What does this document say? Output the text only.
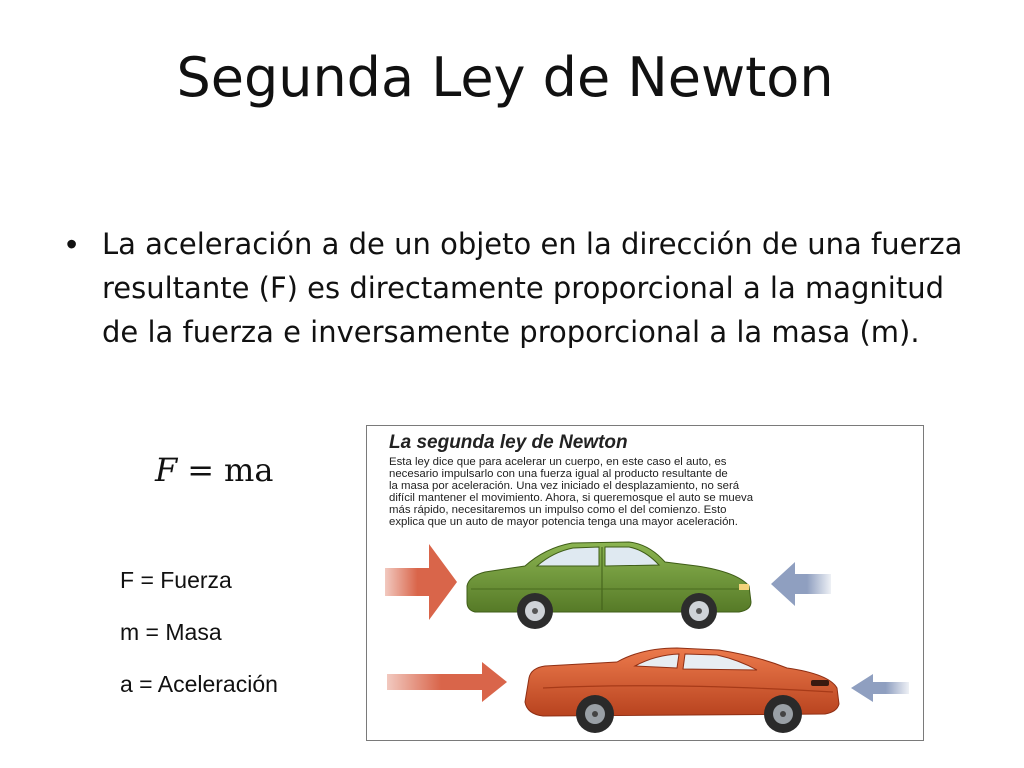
Segunda Ley de Newton
• La aceleración a de un objeto en la dirección de una fuerza resultante (F) es directamente proporcional a la magnitud de la fuerza e inversamente proporcional a la masa (m).
F = ma
F = Fuerza
m = Masa
a = Aceleración
La segunda ley de Newton
Esta ley dice que para acelerar un cuerpo, en este caso el auto, es
necesario impulsarlo con una fuerza igual al producto resultante de
la masa por aceleración. Una vez iniciado el desplazamiento, no será
difícil mantener el movimiento. Ahora, si queremosque el auto se mueva
más rápido, necesitaremos un impulso como el del comienzo. Esto
explica que un auto de mayor potencia tenga una mayor aceleración.
